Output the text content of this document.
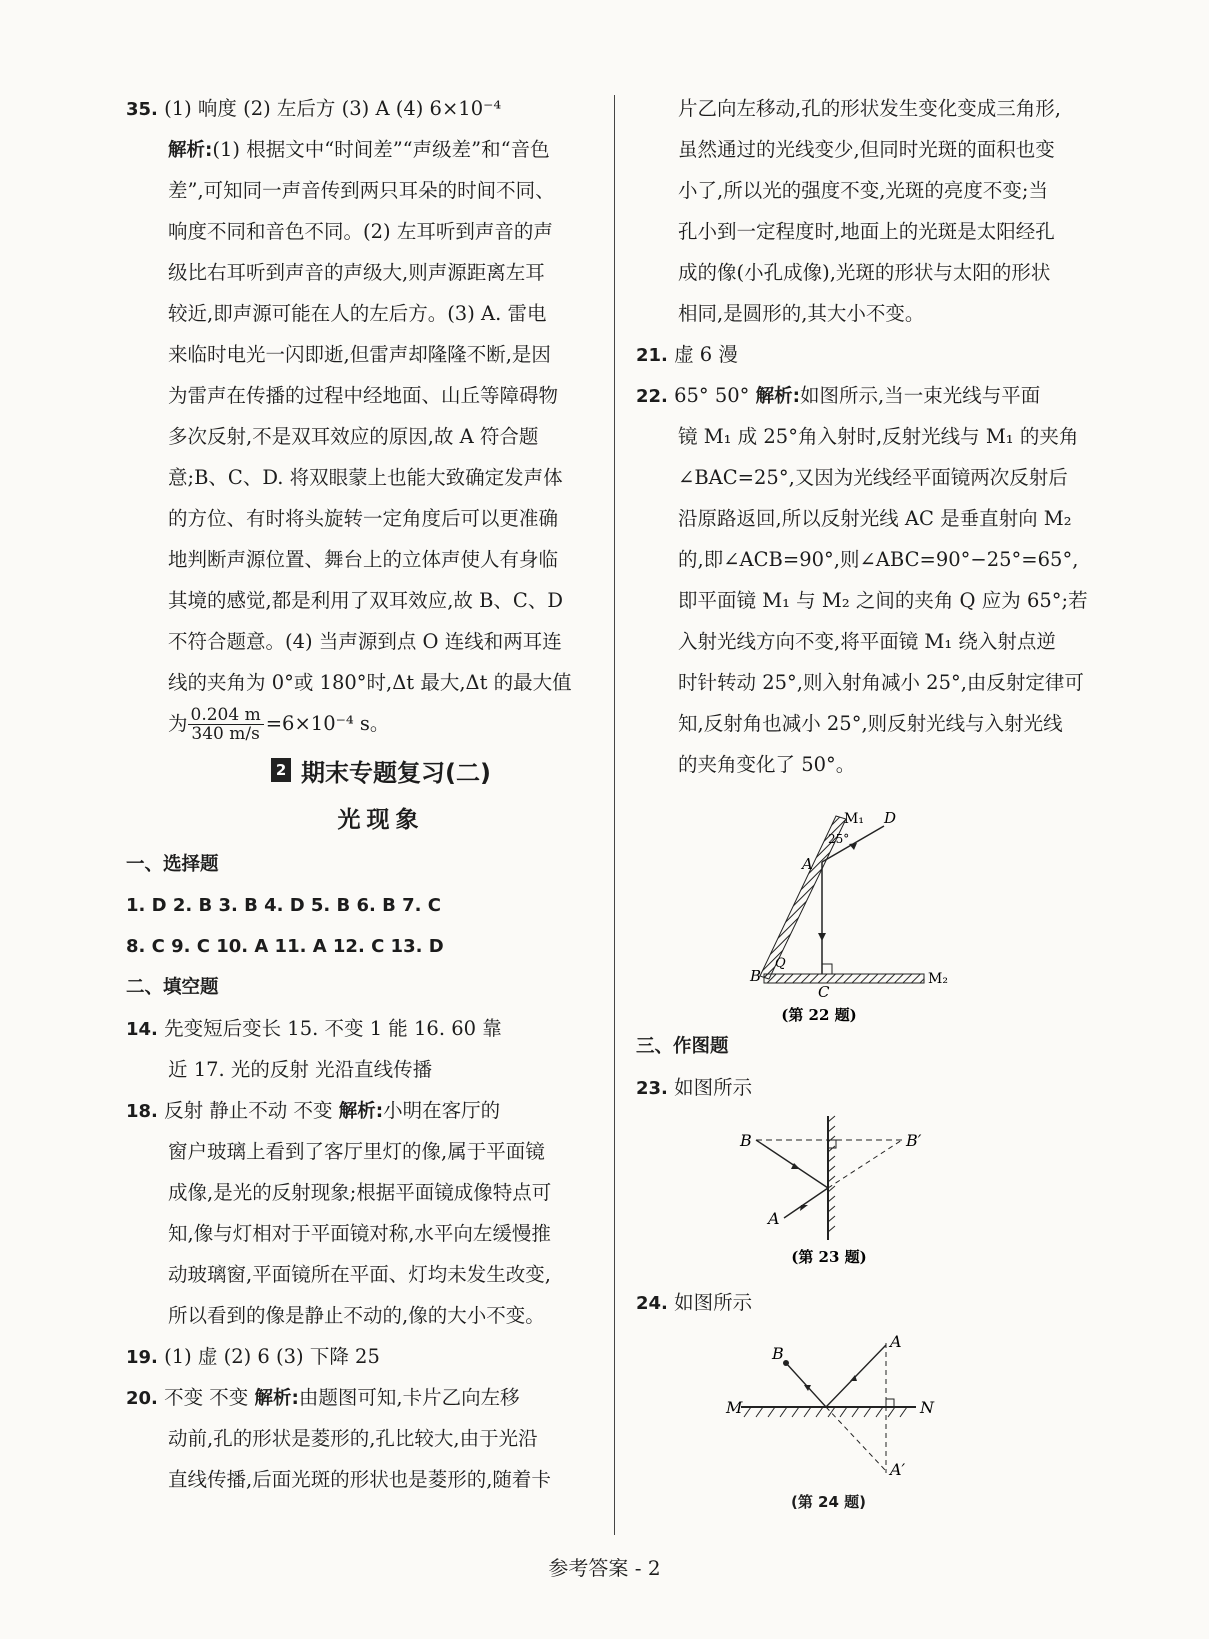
35. (1) 响度 (2) 左后方 (3) A (4) 6×10⁻⁴
解析:(1) 根据文中“时间差”“声级差”和“音色
差”,可知同一声音传到两只耳朵的时间不同、
响度不同和音色不同。(2) 左耳听到声音的声
级比右耳听到声音的声级大,则声源距离左耳
较近,即声源可能在人的左后方。(3) A. 雷电
来临时电光一闪即逝,但雷声却隆隆不断,是因
为雷声在传播的过程中经地面、山丘等障碍物
多次反射,不是双耳效应的原因,故 A 符合题
意;B、C、D. 将双眼蒙上也能大致确定发声体
的方位、有时将头旋转一定角度后可以更准确
地判断声源位置、舞台上的立体声使人有身临
其境的感觉,都是利用了双耳效应,故 B、C、D
不符合题意。(4) 当声源到点 O 连线和两耳连
线的夹角为 0°或 180°时,Δt 最大,Δt 的最大值
为 $\frac{0.204 m}{340 m/s} =6\times 10^{-4}$ s。
2 期末专题复习(二)
光现象
一、选择题
1. D 2. B 3. B 4. D 5. B 6. B 7. C
8. C 9. C 10. A 11. A 12. C 13. D
二、填空题
14. 先变短后变长 15. 不变 1 能 16. 60 靠
近 17. 光的反射 光沿直线传播
18. 反射 静止不动 不变 解析:小明在客厅的
窗户玻璃上看到了客厅里灯的像,属于平面镜
成像,是光的反射现象;根据平面镜成像特点可
知,像与灯相对于平面镜对称,水平向左缓慢推
动玻璃窗,平面镜所在平面、灯均未发生改变,
所以看到的像是静止不动的,像的大小不变。
19. (1) 虚 (2) 6 (3) 下降 25
20. 不变 不变 解析:由题图可知,卡片乙向左移
动前,孔的形状是菱形的,孔比较大,由于光沿
直线传播,后面光斑的形状也是菱形的,随着卡
片乙向左移动,孔的形状发生变化变成三角形,
虽然通过的光线变少,但同时光斑的面积也变
小了,所以光的强度不变,光斑的亮度不变;当
孔小到一定程度时,地面上的光斑是太阳经孔
成的像(小孔成像),光斑的形状与太阳的形状
相同,是圆形的,其大小不变。
21. 虚 6 漫
22. 65° 50° 解析:如图所示,当一束光线与平面
镜 M₁ 成 25°角入射时,反射光线与 M₁ 的夹角
∠BAC=25°,又因为光线经平面镜两次反射后
沿原路返回,所以反射光线 AC 是垂直射向 M₂
的,即∠ACB=90°,则∠ABC=90°−25°=65°,
即平面镜 M₁ 与 M₂ 之间的夹角 Q 应为 65°;若
入射光线方向不变,将平面镜 M₁ 绕入射点逆
时针转动 25°,则入射角减小 25°,由反射定律可
知,反射角也减小 25°,则反射光线与入射光线
的夹角变化了 50°。
M₁ D
25°
A
Q
B
C
M₂
(第 22 题)
三、作图题
23. 如图所示
B	B′
A
(第 23 题)
24. 如图所示
B
A
M	N
A′
(第 24 题)
参考答案 - 2
